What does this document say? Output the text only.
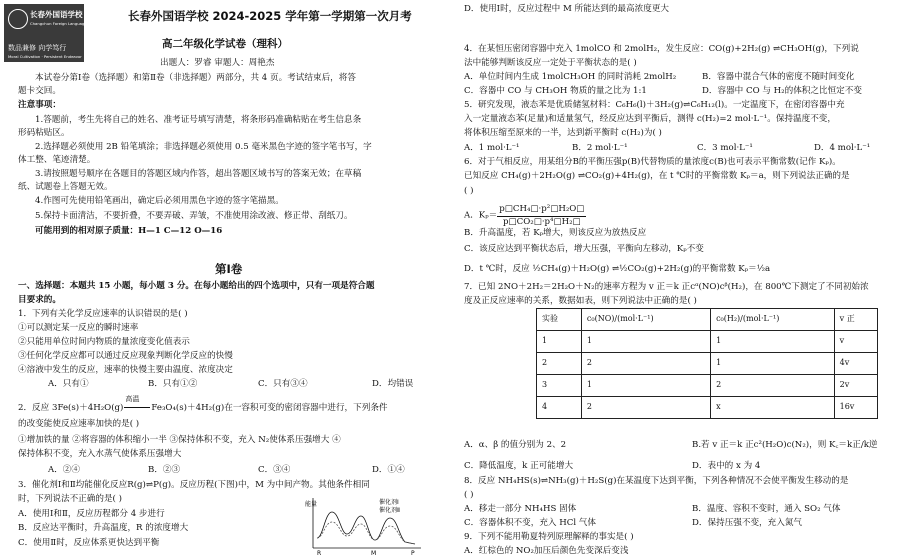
长春外国语学校
Changchun Foreign Language School
数品兼修 向学笃行
Moral Cultivation · Persistent Endeavor
长春外国语学校 2024-2025 学年第一学期第一次月考
高二年级化学试卷（理科）
出题人：罗睿 审题人：周艳杰
本试卷分第Ⅰ卷（选择题）和第Ⅱ卷（非选择题）两部分，共 4 页。考试结束后，将答
题卡交回。
注意事项：
1.答题前，考生先将自己的姓名、准考证号填写清楚，将条形码准确粘贴在考生信息条
形码粘贴区。
2.选择题必须使用 2B 铅笔填涂；非选择题必须使用 0.5 毫米黑色字迹的签字笔书写，字
体工整、笔迹清楚。
3.请按照题号顺序在各题目的答题区域内作答，超出答题区域书写的答案无效；在草稿
纸、试题卷上答题无效。
4.作图可先使用铅笔画出，确定后必须用黑色字迹的签字笔描黑。
5.保持卡面清洁，不要折叠，不要弄破、弄皱，不准使用涂改液、修正带、刮纸刀。
可能用到的相对原子质量：H—1 C—12 O—16
第Ⅰ卷
一、选择题：本题共 15 小题，每小题 3 分。在每小题给出的四个选项中，只有一项是符合题
目要求的。
1．下列有关化学反应速率的认识错误的是( )
①可以测定某一反应的瞬时速率
②只能用单位时间内物质的量浓度变化值表示
③任何化学反应都可以通过反应现象判断化学反应的快慢
④溶液中发生的反应，速率的快慢主要由温度、浓度决定
A．只有①	B．只有①②	C．只有③④	D．均错误
2．反应 3Fe(s)＋4H₂O(g)
高温
Fe₃O₄(s)＋4H₂(g)在一容积可变的密闭容器中进行，下列条件
的改变能使反应速率加快的是( )
①增加铁的量 ②将容器的体积缩小一半 ③保持体积不变，充入 N₂使体系压强增大 ④
保持体积不变，充入水蒸气使体系压强增大
A．②④	B．②③	C．③④	D．①④
3．催化剂Ⅰ和Ⅱ均能催化反应R(g)⇌P(g)。反应历程(下图)中，M 为中间产物。其他条件相同
时，下列说法不正确的是( )
A．使用Ⅰ和Ⅱ，反应历程都分 4 步进行
B．反应达平衡时，升高温度，R 的浓度增大
C．使用Ⅱ时，反应体系更快达到平衡
能量	催化剂Ⅰ
催化剂Ⅱ
R	M	P
D．使用Ⅰ时，反应过程中 M 所能达到的最高浓度更大
4．在某恒压密闭容器中充入 1molCO 和 2molH₂，发生反应：CO(g)+2H₂(g) ⇌CH₃OH(g)，下列说
法中能够判断该反应一定处于平衡状态的是( )
A．单位时间内生成 1molCH₃OH 的同时消耗 2molH₂	B．容器中混合气体的密度不随时间变化
C．容器中 CO 与 CH₃OH 物质的量之比为 1:1	D．容器中 CO 与 H₂的体积之比恒定不变
5．研究发现，液态苯是优质储氢材料：C₆H₆(l)＋3H₂(g)⇌C₆H₁₂(l)。一定温度下，在密闭容器中充
入一定量液态苯(足量)和适量氢气，经反应达到平衡后，测得 c(H₂)=2 mol·L⁻¹。保持温度不变，
将体积压缩至原来的一半，达到新平衡时 c(H₂)为( )
A．1 mol·L⁻¹	B．2 mol·L⁻¹	C．3 mol·L⁻¹	D．4 mol·L⁻¹
6．对于气相反应，用某组分B的平衡压强p(B)代替物质的量浓度c(B)也可表示平衡常数(记作 Kₚ)。
已知反应 CH₄(g)＋2H₂O(g) ⇌CO₂(g)+4H₂(g)，在 t ℃时的平衡常数 Kₚ＝a，则下列说法正确的是
( )
A．$K_p= \frac{\text{p□CH₄□·p²□H₂O□}}{\text{p□CO₂□·p⁴□H₂□}}$
B．升高温度，若 Kₚ增大，则该反应为放热反应
C．该反应达到平衡状态后，增大压强，平衡向左移动，Kₚ不变
D．t ℃时，反应 ½CH₄(g)＋H₂O(g) ⇌½CO₂(g)+2H₂(g)的平衡常数 Kₚ＝½a
7．已知 2NO＋2H₂＝2H₂O＋N₂的速率方程为 v 正＝k 正cᵅ(NO)cᵝ(H₂)，在 800℃下测定了不同初始浓
度及正反应速率的关系，数据如表，则下列说法中正确的是( )
实验	c₀(NO)/(mol·L⁻¹)	c₀(H₂)/(mol·L⁻¹)	v 正
1	1	1	v
2	2	1	4v
3	1	2	2v
4	2	x	16v
A．α、β 的值分别为 2、2	B.若 v 正＝k 正c²(H₂O)c(N₂)，则 K꜀＝k正/k逆
C．降低温度，k 正可能增大	D．表中的 x 为 4
8．反应 NH₄HS(s)⇌NH₃(g)＋H₂S(g)在某温度下达到平衡，下列各种情况不会使平衡发生移动的是
( )
A．移走一部分 NH₄HS 固体	B．温度、容积不变时，通入 SO₂ 气体
C．容器体积不变，充入 HCl 气体	D．保持压强不变，充入氮气
9．下列不能用勒夏特列原理解释的事实是( )
A．红棕色的 NO₂加压后颜色先变深后变浅
